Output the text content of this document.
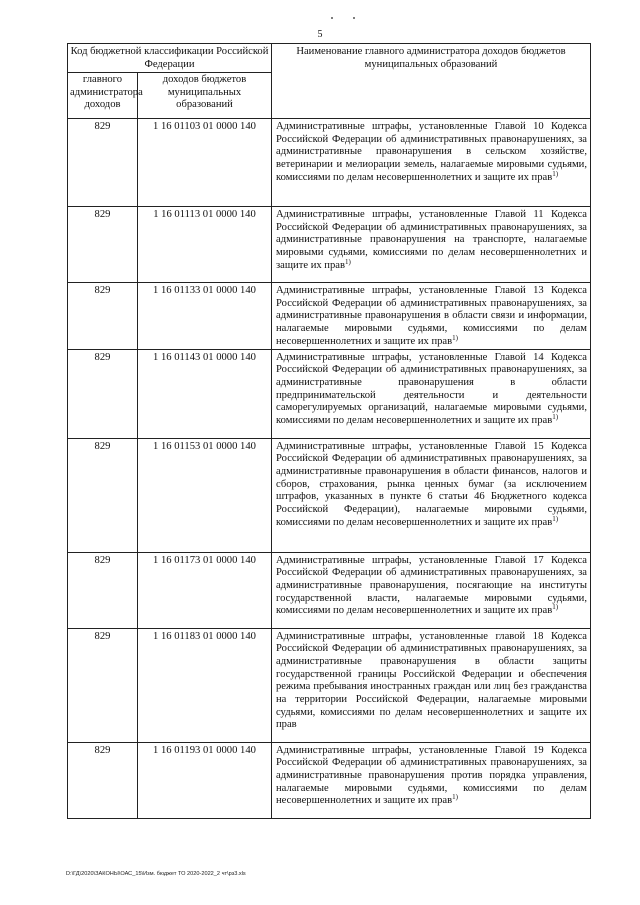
5
Код бюджетной классификации Российской Федерации		Наименование главного администратора доходов бюджетов муниципальных образований
главного администратора доходов	доходов бюджетов муниципальных образований	
829	1 16 01103 01 0000 140	Административные штрафы, установленные Главой 10 Кодекса Российской Федерации об административных правонарушениях, за административные правонарушения в сельском хозяйстве, ветеринарии и мелиорации земель, налагаемые мировыми судьями, комиссиями по делам несовершеннолетних и защите их прав$^{1)}$
829	1 16 01113 01 0000 140	Административные штрафы, установленные Главой 11 Кодекса Российской Федерации об административных правонарушениях, за административные правонарушения на транспорте, налагаемые мировыми судьями, комиссиями по делам несовершеннолетних и защите их прав$^{1)}$
829	1 16 01133 01 0000 140	Административные штрафы, установленные Главой 13 Кодекса Российской Федерации об административных правонарушениях, за административные правонарушения в области связи и информации, налагаемые мировыми судьями, комиссиями по делам несовершеннолетних и защите их прав$^{1)}$
829	1 16 01143 01 0000 140	Административные штрафы, установленные Главой 14 Кодекса Российской Федерации об административных правонарушениях, за административные правонарушения в области предпринимательской деятельности и деятельности саморегулируемых организаций, налагаемые мировыми судьями, комиссиями по делам несовершеннолетних и защите их прав$^{1)}$
829	1 16 01153 01 0000 140	Административные штрафы, установленные Главой 15 Кодекса Российской Федерации об административных правонарушениях, за административные правонарушения в области финансов, налогов и сборов, страхования, рынка ценных бумаг (за исключением штрафов, указанных в пункте 6 статьи 46 Бюджетного кодекса Российской Федерации), налагаемые мировыми судьями, комиссиями по делам несовершеннолетних и защите их прав$^{1)}$
829	1 16 01173 01 0000 140	Административные штрафы, установленные Главой 17 Кодекса Российской Федерации об административных правонарушениях, за административные правонарушения, посягающие на институты государственной власти, налагаемые мировыми судьями, комиссиями по делам несовершеннолетних и защите их прав$^{1)}$
829	1 16 01183 01 0000 140	Административные штрафы, установленные главой 18 Кодекса Российской Федерации об административных правонарушениях, за административные правонарушения в области защиты государственной границы Российской Федерации и обеспечения режима пребывания иностранных граждан или лиц без гражданства на территории Российской Федерации, налагаемые мировыми судьями, комиссиями по делам несовершеннолетних и защите их прав
829	1 16 01193 01 0000 140	Административные штрафы, установленные Главой 19 Кодекса Российской Федерации об административных правонарушениях, за административные правонарушения против порядка управления, налагаемые мировыми судьями, комиссиями по делам несовершеннолетних и защите их прав$^{1)}$
D:\ГД\2020\ЗАКОНЫ\ОАС_15\Изм. бюджет ТО 2020-2022_2 чт\рз3.xls
